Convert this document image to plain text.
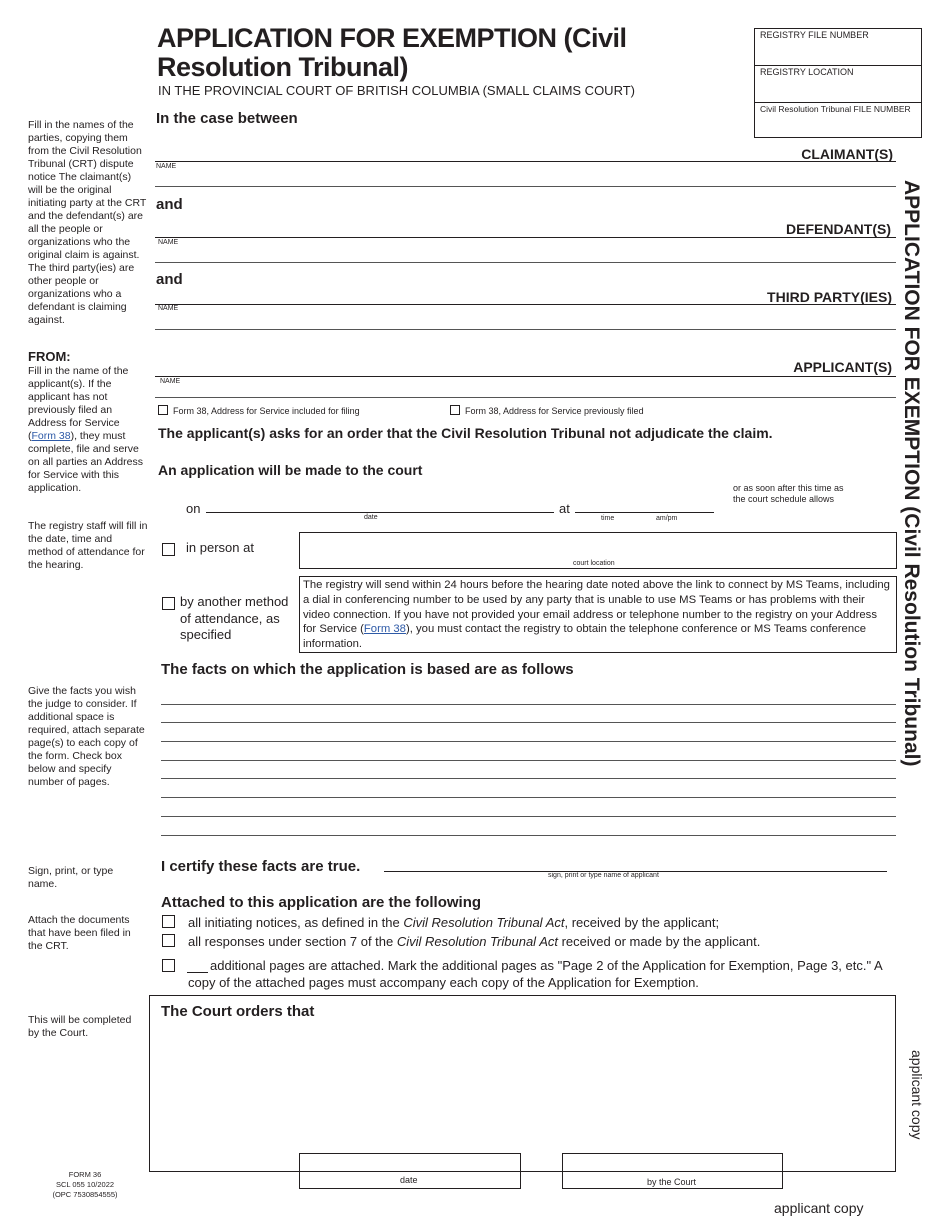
APPLICATION FOR EXEMPTION (Civil Resolution Tribunal)
IN THE PROVINCIAL COURT OF BRITISH COLUMBIA (SMALL CLAIMS COURT)
REGISTRY FILE NUMBER
REGISTRY LOCATION
Civil Resolution Tribunal FILE NUMBER
APPLICATION FOR EXEMPTION (Civil Resolution Tribunal)
applicant copy
Fill in the names of the parties, copying them from the Civil Resolution Tribunal (CRT) dispute notice The claimant(s) will be the original initiating party at the CRT and the defendant(s) are all the people or organizations who the original claim is against. The third party(ies) are other people or organizations who a defendant is claiming against.
FROM:
Fill in the name of the applicant(s). If the applicant has not previously filed an Address for Service (Form 38), they must complete, file and serve on all parties an Address for Service with this application.
The registry staff will fill in the date, time and method of attendance for the hearing.
Give the facts you wish the judge to consider. If additional space is required, attach separate page(s) to each copy of the form. Check box below and specify number of pages.
Sign, print, or type name.
Attach the documents that have been filed in the CRT.
This will be completed by the Court.
FORM 36
SCL 055 10/2022
(OPC 7530854555)
In the case between
CLAIMANT(S)
NAME
and
DEFENDANT(S)
NAME
and
THIRD PARTY(IES)
NAME
APPLICANT(S)
NAME
Form 38, Address for Service included for filing	Form 38, Address for Service previously filed
The applicant(s) asks for an order that the Civil Resolution Tribunal not adjudicate the claim.
An application will be made to the court
or as soon after this time as the court schedule allows
on
date
at
time	am/pm
in person at
court location
by another method of attendance, as specified
The registry will send within 24 hours before the hearing date noted above the link to connect by MS Teams, including a dial in conferencing number to be used by any party that is unable to use MS Teams or has problems with their video connection. If you have not provided your email address or telephone number to the registry on your Address for Service (Form 38), you must contact the registry to obtain the telephone conference or MS Teams conference information.
The facts on which the application is based are as follows
I certify these facts are true.
sign, print or type name of applicant
Attached to this application are the following
all initiating notices, as defined in the Civil Resolution Tribunal Act, received by the applicant;
all responses under section 7 of the Civil Resolution Tribunal Act received or made by the applicant.
additional pages are attached. Mark the additional pages as "Page 2 of the Application for Exemption, Page 3, etc." A copy of the attached pages must accompany each copy of the Application for Exemption.
The Court orders that
date	by the Court
applicant copy
